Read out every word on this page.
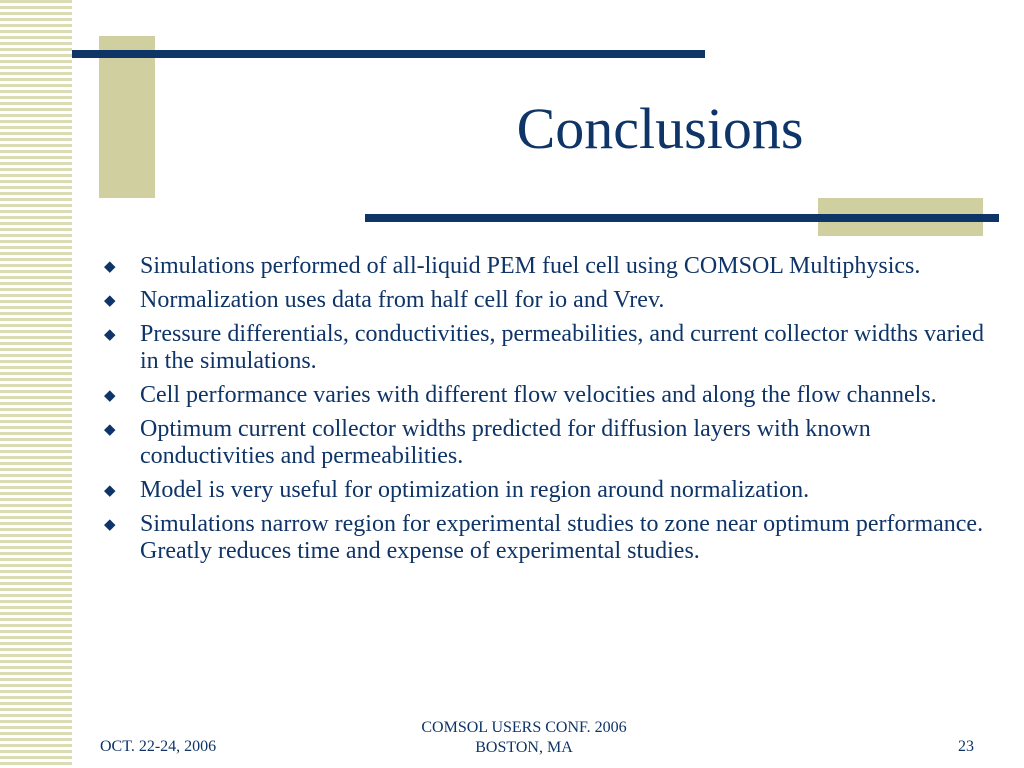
Conclusions
◆ Simulations performed of all-liquid PEM fuel cell using COMSOL Multiphysics.
◆ Normalization uses data from half cell for io and Vrev.
◆ Pressure differentials, conductivities, permeabilities, and current collector widths varied in the simulations.
◆ Cell performance varies with different flow velocities and along the flow channels.
◆ Optimum current collector widths predicted for diffusion layers with known conductivities and permeabilities.
◆ Model is very useful for optimization in region around normalization.
◆ Simulations narrow region for experimental studies to zone near optimum performance. Greatly reduces time and expense of experimental studies.
OCT. 22-24, 2006
COMSOL USERS CONF. 2006
BOSTON, MA	23
